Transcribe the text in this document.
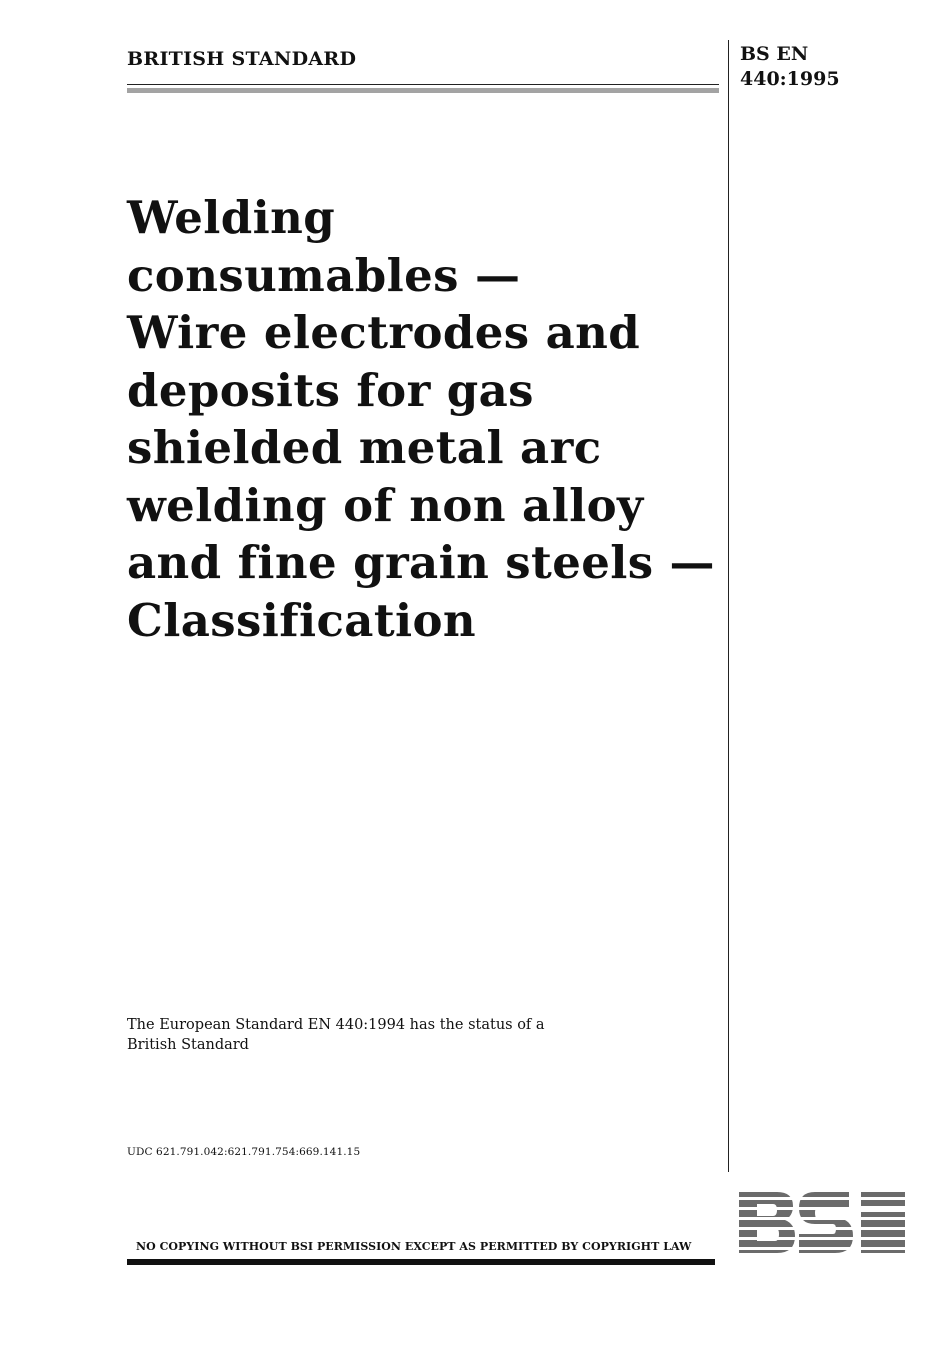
BRITISH STANDARD	BS EN
440:1995
Welding
consumables —
Wire electrodes and
deposits for gas
shielded metal arc
welding of non alloy
and fine grain steels —
Classification
The European Standard EN 440:1994 has the status of a
British Standard
UDC 621.791.042:621.791.754:669.141.15
NO COPYING WITHOUT BSI PERMISSION EXCEPT AS PERMITTED BY COPYRIGHT LAW
